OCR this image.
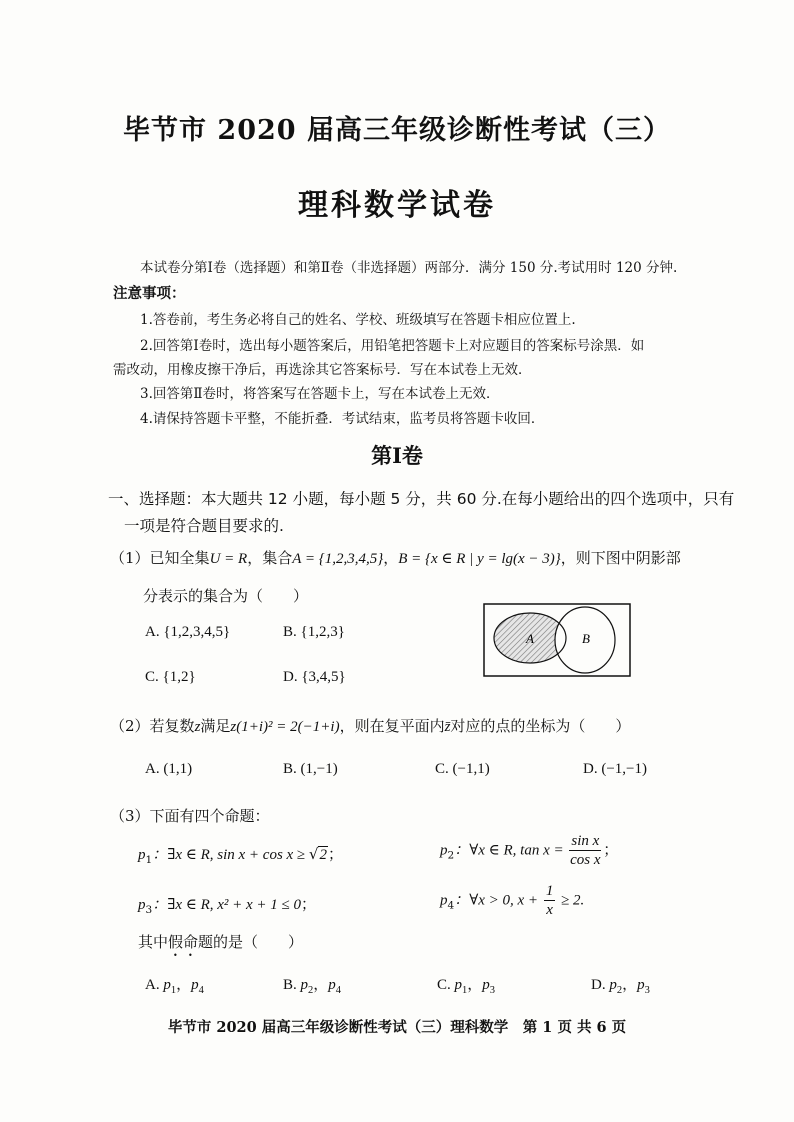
毕节市 2020 届高三年级诊断性考试（三）
理科数学试卷
本试卷分第Ⅰ卷（选择题）和第Ⅱ卷（非选择题）两部分．满分 150 分.考试用时 120 分钟.
注意事项：
1.答卷前，考生务必将自己的姓名、学校、班级填写在答题卡相应位置上.
2.回答第Ⅰ卷时，选出每小题答案后，用铅笔把答题卡上对应题目的答案标号涂黑．如
需改动，用橡皮擦干净后，再选涂其它答案标号．写在本试卷上无效．
3.回答第Ⅱ卷时，将答案写在答题卡上，写在本试卷上无效．
4.请保持答题卡平整，不能折叠．考试结束，监考员将答题卡收回．
第Ⅰ卷
一、选择题：本大题共 12 小题，每小题 5 分，共 60 分.在每小题给出的四个选项中，只有
一项是符合题目要求的.
（1）已知全集U = R，集合A = {1,2,3,4,5}，B = {x ∈ R | y = lg(x − 3)}，则下图中阴影部
分表示的集合为（　　）
A. {1,2,3,4,5}	B. {1,2,3}
C. {1,2}	D. {3,4,5}
A	B
（2）若复数z满足z(1+i)² = 2(−1+i)，则在复平面内z̄对应的点的坐标为（　　）
A. (1,1)	B. (1,−1)	C. (−1,1)	D. (−1,−1)
（3）下面有四个命题：
$p_1$：∃x ∈ R, sin x + cos x ≥ √2；	$p_2$：∀x ∈ R, $\tan x = \frac{\text{sin x}}{\text{cos x}}$ ；
$p_3$：∃x ∈ R, x² + x + 1 ≤ 0；	$p_4$：∀x > 0, $x + \frac{1}{x} \ge 2$.
其中假命题的是（　　）
A. $p_1$，$p_4$	B. $p_2$，$p_4$	C. $p_1$，$p_3$	D. $p_2$，$p_3$
毕节市 2020 届高三年级诊断性考试（三）理科数学　第 1 页 共 6 页
